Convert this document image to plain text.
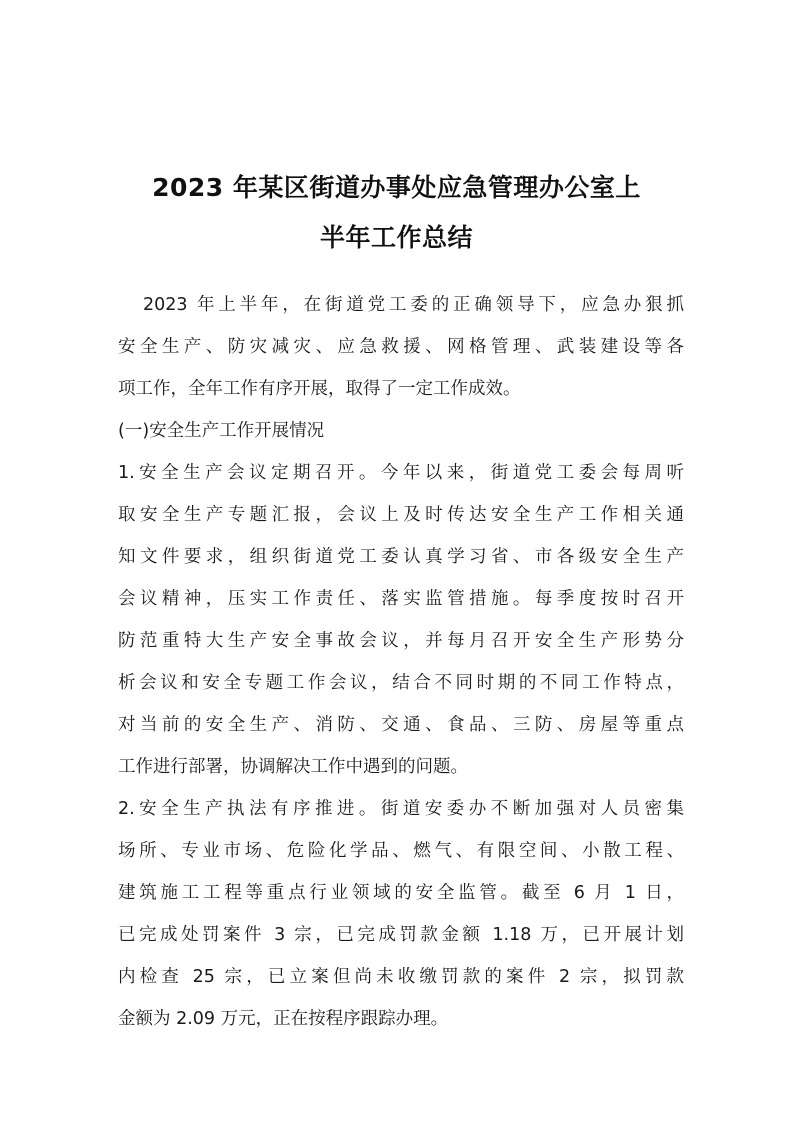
2023 年某区街道办事处应急管理办公室上
半年工作总结
2023 年上半年，在街道党工委的正确领导下，应急办狠抓
安全生产、防灾减灾、应急救援、网格管理、武装建设等各
项工作，全年工作有序开展，取得了一定工作成效。
(一)安全生产工作开展情况
1.安全生产会议定期召开。今年以来，街道党工委会每周听
取安全生产专题汇报，会议上及时传达安全生产工作相关通
知文件要求，组织街道党工委认真学习省、市各级安全生产
会议精神，压实工作责任、落实监管措施。每季度按时召开
防范重特大生产安全事故会议，并每月召开安全生产形势分
析会议和安全专题工作会议，结合不同时期的不同工作特点，
对当前的安全生产、消防、交通、食品、三防、房屋等重点
工作进行部署，协调解决工作中遇到的问题。
2.安全生产执法有序推进。街道安委办不断加强对人员密集
场所、专业市场、危险化学品、燃气、有限空间、小散工程、
建筑施工工程等重点行业领域的安全监管。截至 6 月 1 日，
已完成处罚案件 3 宗，已完成罚款金额 1.18 万，已开展计划
内检查 25 宗，已立案但尚未收缴罚款的案件 2 宗，拟罚款
金额为 2.09 万元，正在按程序跟踪办理。
